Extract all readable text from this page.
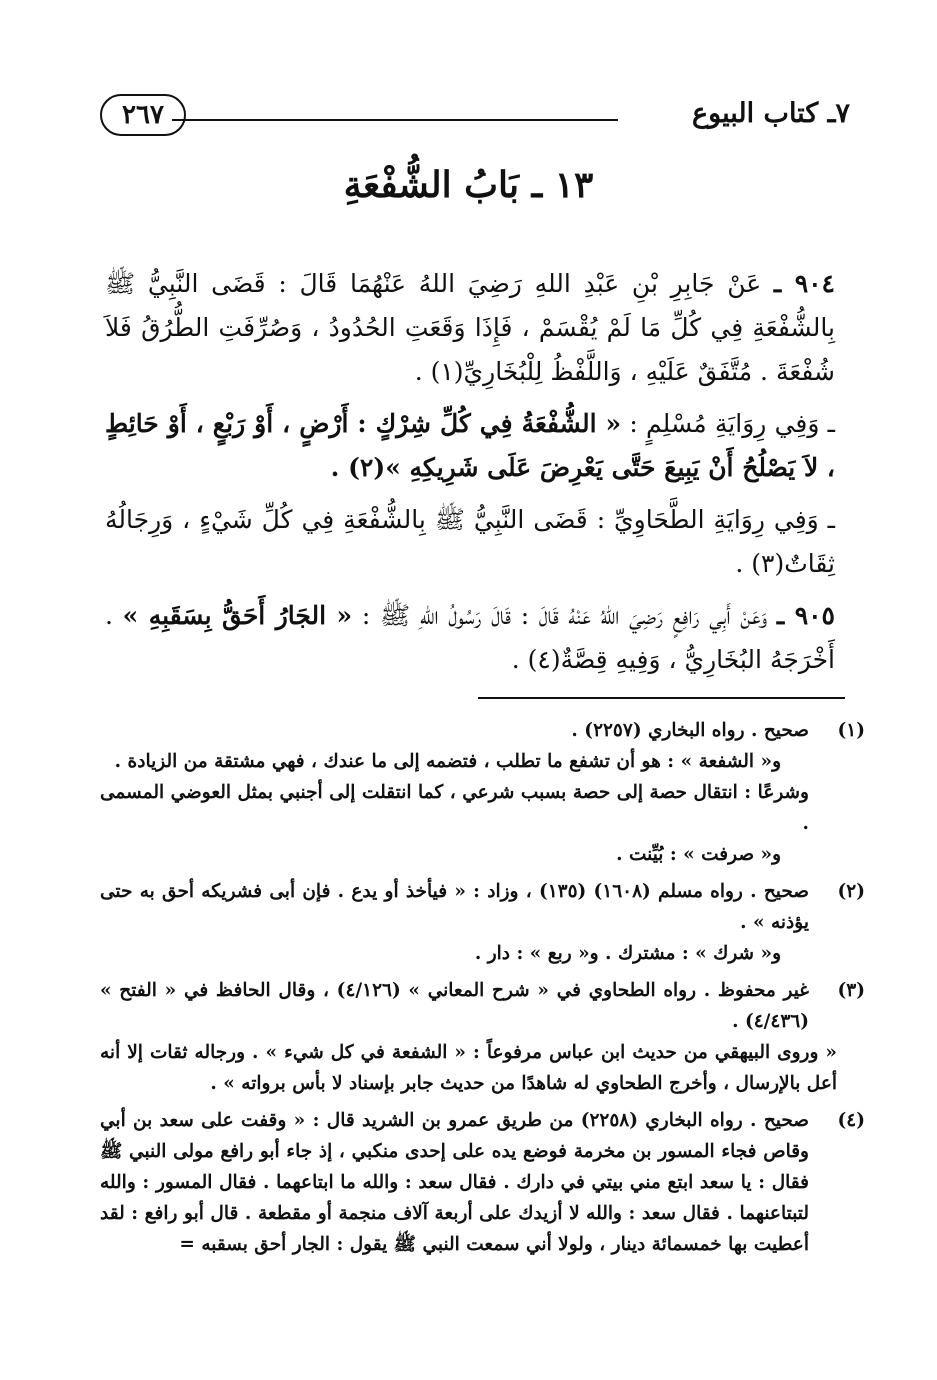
٧ـ كتاب البيوع
٢٦٧
١٣ ـ بَابُ الشُّفْعَةِ

٩٠٤ ـ عَنْ جَابِرِ بْنِ عَبْدِ اللهِ رَضِيَ اللهُ عَنْهُمَا قَالَ : قَضَى النَّبِيُّ ﷺ بِالشُّفْعَةِ فِي كُلِّ مَا لَمْ يُقْسَمْ ، فَإِذَا وَقَعَتِ الحُدُودُ ، وَصُرِّفَتِ الطُّرُقُ فَلاَ شُفْعَةَ . مُتَّفَقٌ عَلَيْهِ ، وَاللَّفْظُ لِلْبُخَارِيِّ(١) .

ـ وَفِي رِوَايَةِ مُسْلِمٍ : « الشُّفْعَةُ فِي كُلِّ شِرْكٍ : أَرْضٍ ، أَوْ رَبْعٍ ، أَوْ حَائِطٍ ، لاَ يَصْلُحُ أَنْ يَبِيعَ حَتَّى يَعْرِضَ عَلَى شَرِيكِهِ »(٢) .

ـ وَفِي رِوَايَةِ الطَّحَاوِيِّ : قَضَى النَّبِيُّ ﷺ بِالشُّفْعَةِ فِي كُلِّ شَيْءٍ ، وَرِجَالُهُ ثِقَاتٌ(٣) .

٩٠٥ ـ وَعَنْ أَبِي رَافِعٍ رَضِيَ اللهُ عَنْهُ قَالَ : قَالَ رَسُولُ اللهِ ﷺ : « الجَارُ أَحَقُّ بِسَقَبِهِ » . أَخْرَجَهُ البُخَارِيُّ ، وَفِيهِ قِصَّةٌ(٤) .

(١)

صحيح . رواه البخاري (٢٢٥٧) .

و« الشفعة » : هو أن تشفع ما تطلب ، فتضمه إلى ما عندك ، فهي مشتقة من الزيادة .

وشرعًا : انتقال حصة إلى حصة بسبب شرعي ، كما انتقلت إلى أجنبي بمثل العوضي المسمى .

و« صرفت » : بُيِّنت .

(٢)

صحيح . رواه مسلم (١٦٠٨) (١٣٥) ، وزاد : « فيأخذ أو يدع . فإن أبى فشريكه أحق به حتى يؤذنه » .

و« شرك » : مشترك . و« ربع » : دار .

(٣)

غير محفوظ . رواه الطحاوي في « شرح المعاني » (٤/١٢٦) ، وقال الحافظ في « الفتح » (٤/٤٣٦) .

« وروى البيهقي من حديث ابن عباس مرفوعاً : « الشفعة في كل شيء » . ورجاله ثقات إلا أنه أعل بالإرسال ، وأخرج الطحاوي له شاهدًا من حديث جابر بإسناد لا بأس برواته » .

(٤)

صحيح . رواه البخاري (٢٢٥٨) من طريق عمرو بن الشريد قال : « وقفت على سعد بن أبي وقاص فجاء المسور بن مخرمة فوضع يده على إحدى منكبي ، إذ جاء أبو رافع مولى النبي ﷺ فقال : يا سعد ابتع مني بيتي في دارك . فقال سعد : والله ما ابتاعهما . فقال المسور : والله لتبتاعنهما . فقال سعد : والله لا أزيدك على أربعة آلاف منجمة أو مقطعة . قال أبو رافع : لقد أعطيت بها خمسمائة دينار ، ولولا أني سمعت النبي ﷺ يقول : الجار أحق بسقبه =
